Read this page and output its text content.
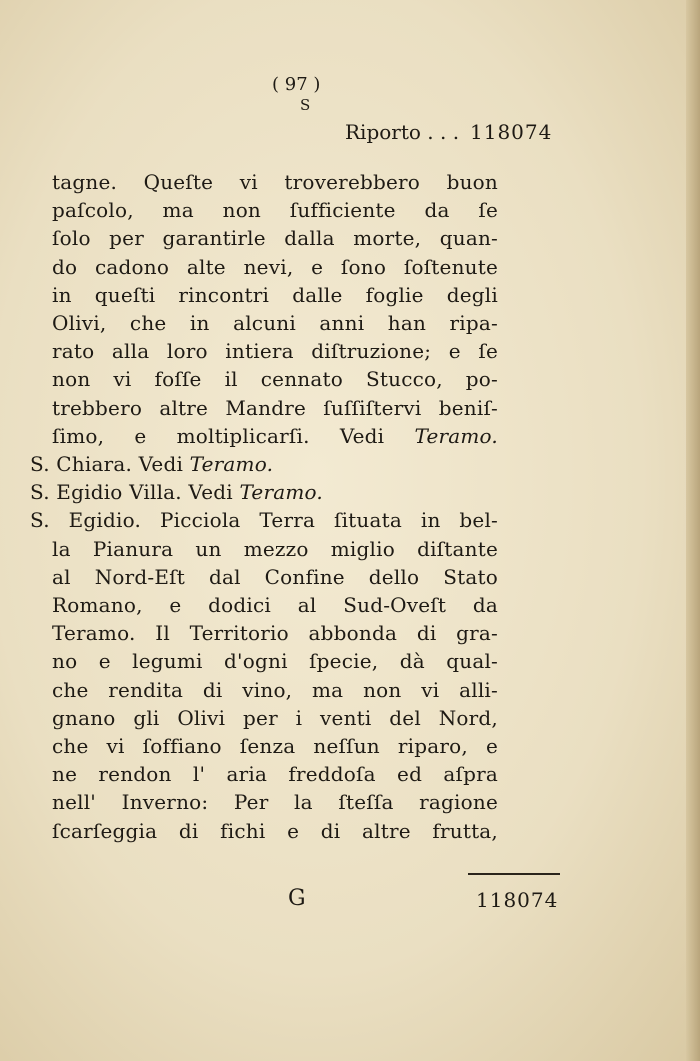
( 97 )
S
Riporto . . . 118074
tagne. Queſte vi troverebbero buon
paſcolo, ma non ſufficiente da ſe
ſolo per garantirle dalla morte, quan-
do cadono alte nevi, e ſono ſoſtenute
in queſti rincontri dalle foglie degli
Olivi, che in alcuni anni han ripa-
rato alla loro intiera diſtruzione; e ſe
non vi foſſe il cennato Stucco, po-
trebbero altre Mandre ſuſſiſtervi beniſ-
ſimo, e moltiplicarſi. Vedi Teramo.
S. Chiara. Vedi Teramo.
S. Egidio Villa. Vedi Teramo.
S. Egidio. Picciola Terra ſituata in bel-
la Pianura un mezzo miglio diſtante
al Nord-Eſt dal Confine dello Stato
Romano, e dodici al Sud-Oveſt da
Teramo. Il Territorio abbonda di gra-
no e legumi d'ogni ſpecie, dà qual-
che rendita di vino, ma non vi alli-
gnano gli Olivi per i venti del Nord,
che vi ſoffiano ſenza neſſun riparo, e
ne rendon l' aria freddoſa ed aſpra
nell' Inverno: Per la ſteſſa ragione
ſcarſeggia di fichi e di altre frutta,
G	118074
